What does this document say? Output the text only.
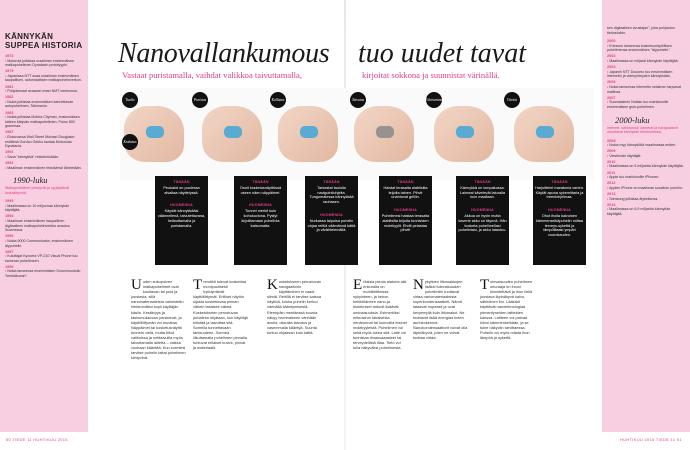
KÄNNYKÄN
SUPPEA HISTORIA
1973
• Motorola julkistaa maailman ensimmäisen matkapuhelimen Dynatacin prototyypin.
1979
• Japanissa NTT avaa maailman ensimmäisen kaupallisen, automaattisen matkapuhelinverkon.
1981
• Pohjoismaat avaavat oman NMT-verkkonsa.
1982
• Nokia julkistaa ensimmäisen kannettavan autopuhelimen, Talkmanin.
1983
• Nokia julkistaa Mobira Cityman, ensimmäisen käteen kätyvän matkapuhelimen. Paino 800 grammaa.
1987
• Elokuvassa Wall Street Michael Douglasin esittämä Gordon Gekko kantaa Motorolan Dynatacia.
1991
• Sana "kännykkä" rekisteröidään.
1992
• Maailman ensimmäinen tekstiviesti lähetetään.
1990-luku
Matkapuhelimet yleistyvät ja syrjäyttävät lankaliittymät.
1993
• Maailmassa on 10 miljoonaa kännykän käyttäjää.
1994
• Maailman ensimmäinen kaupallinen digitaalinen matkapuhelinverkko avautuu Suomessa.
1996
• Nokia 9000 Communicator, ensimmäinen älypuhelin.
1997
• Kuluttajat Kyocera VP-210 Visual Phone tuo kameran puhelimeen.
1999
• Nokia lanseeraa ensimmäisen Sononmuotoilu "kenkäkuvan".
sen digitaalisen avustajan", joka pohjautuu tiedostoihin.
2000
• Ericsson lanseeraa kosketusnäytöllisen puhelimensa ensimmäinen "älypuhelin".
2002
• Maailmassa on miljardi kännykän käyttäjää.
2003
• Japanin NTT Docomo tuo ensimmäisen internetin ja videoyhteyden kännykkään.
2005
• Nokia lanseeraa internetin selaimen tarjoavat mallinsa.
2007
• Suomalainen Nokian tuo markkinoille ensimmäisen gsm-puhelimen.
2000-luku
Internet, sähköposti, kamerat ja navigaattorit muuttavat kännykän tietokoneeksi.
2008
• Nokia myy kännyköitä maailmassa eniten.
2009
• Viestinnän käyttäjät.
2010
• Maailmassa on 5 miljardia kännykän käyttäjää.
2011
• Apple tuo markkinoille iPhonen.
2012
• Applen iPhone on maailman suosituin puhelin.
2013
• Samsung julkistaa älykellonsa.
2014
• Maailmassa on 6,9 miljardia kännykän käyttäjää.
Nanovallankumous	tuo uudet tavat
Vastaat puristamalla, vaihdat valikkoa taivuttamalla,	kirjoitat sokkona ja suunnistat värinällä.
Tuulio
Kosketus
Puristus	Kallistus	Taivutus	Väriseminen	Värinä
TÄNÄÄN
Peukalot on puolessa alvaltaa näyttelyssä.
HUOMENNA
Käydät kännykkääsi väännellenä, taivutettavana, heilauttamalla ja puristamalla.
TÄNÄÄN
Osoit kosketusnäyttössä useen näen näppäimet.
HUOMENNA
Tunnet merkit kuin kohokuviona. Pystyt kirjoittamaan puhelinta katsomatta.
TÄNÄÄN
Tarkastat taululla navigointiohjelta. Tungomatessa kännykkää rauhasen.
HUOMENNA
Nurkassa taipuisa puhelin ohjaa reittiä väämännä kättä ja värähtelemällä.
TÄNÄÄN
Haistat terasaita alablisilta teijolta tainen. Pihvit unahtuvat grilliin.
HUOMENNA
Puhelimesi haistaa terasaita alablisilta teijolta tunnistaen molekyylit. Ehdit pelastaa pihvit!
TÄNÄÄN
Kännykkä on lompakossa. Laimeat kävelevät laturalla kuin maallaan.
HUOMENNA
Akkua on hyvin mutta kaverie akku on täynnä. Hän kosketa puhelimellasi puhelintasi, ja akku latautuu.
TÄNÄÄN
Harjoittelet maratonia varten. Käytät apuna sykemittaria ja treeniohjelmaa.
HUOMENNA
Ohut iholla kalvoinen kämmenselkäpuhelin mittaa terveys-sykettä ja lämpötilaasi ympäri vuorokauden.

Uuden sukupolven matkapuhelimet ovat kuultavan tai pula ja joustavia, sillä nanomateriaaleista valmistettu elektroniikka sopii käyttäjän käsiin. Kestävyys ja taskumukavuus paranevat, ja käyttöliittymän voi muuttaa. Näppäimet tai kosketusnäyttö tunnetu vielä, mutta tilkut valikoissa ja nettiaivuilla myös taivuttamalla laitetta – vaikka vuokaan kääntää. Kun sormiesi tarvitse puhelin taitat puhelimen kiintyvinä.

Trendikit tulevat koskettaa monipuolisesti hyödyntävät käyttöliittymät. Erilliset näytön sijasta koskettavaa pinnan vähein lakaisee väkeä. Kosketukseen perustuvaa puhelinta ohjataan, kun käyttäjä kiristää ja taivuttaa sitä. Sormilla tunnettavaan tarkkuuteen. Sormea liikuttamalla puhelimen pinnalla tuntuvat erilaiset kuviot, pinnat ja materiaalit.

Kosketukseen perustuvan navigaattorin käyttäminen ei vaadi silmiä. Reitillä ei tarvitse katsoa näyttöä, koska puhelin kertoo värinällä kääntymisestä. Eteenpäin mentäessä suunta näkyy harvinaiseen värinään avulla, oikealla taivutus ja vasemmalla kääntyä. Suunta tuntuu ohjaavan kuin kättä.

Erilaisia pienia alatoria alki enkuralta on mobiilelitteissa nykyinteen, ja kehon kehitelläneen nano-ja biotekniset antunit lisäävät ominaisuuksia. Esimerkiksi mikrosirun takaisesta nenärunnat tai kunnoilla etsinet molekyyleistä. Puhelimen voi sekä myös tukea sitä. Laite voi tunnistaa ilmansaaasteet tai terveydellistä tilaa. Tieto voi tulla näkyväksi puhelimesta.

Nykyisten litiumakkujen lisäksi tulevaisuuden puhelimiiin tuottavat virtaa nanomateriaaleista superkondensaattorit. Nämä lataavat nopeasti ja ovat kevyempiä kuin litiumakut. Ne tuottavat lisää energiaa kuten aurinkokennot. Nanokondensaattorit voivat olla läpinäkyviä, joten ne voivat tuottaa virtaa.

Tulevaisuuden puhelimen seuraaja on ihoon kiinnitettävä ja ihon liellä joustava läpinäkyvä kalvo, sähköinen iho. Lääkärit käyttävät nanoteknologiaa pienentyneiden laitteiden kanssa. Laitteen voi painaa kiinni kämmenselkään, ja se tulee näkyviin tarvittaessa. Puhelin voi myös mitata ihon lämpöä ja sykettä.

50 TIEDE 11 HUHTIKUU 2015	HUHTIKUU 2015 TIEDE 11 51
